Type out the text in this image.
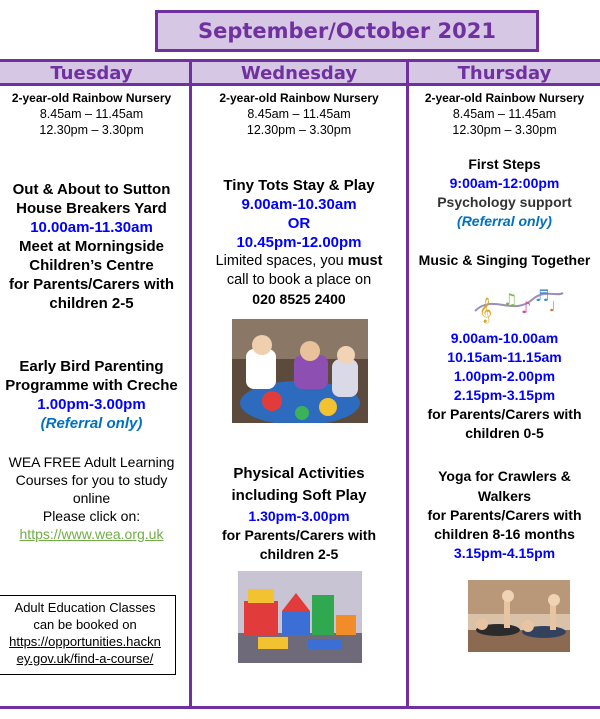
September/October 2021
Tuesday
2-year-old Rainbow Nursery
8.45am – 11.45am
12.30pm – 3.30pm
Out & About to Sutton
House Breakers Yard
10.00am-11.30am
Meet at Morningside
Children’s Centre
for Parents/Carers with
children 2-5
Early Bird Parenting
Programme with Creche
1.00pm-3.00pm
(Referral only)
WEA FREE Adult Learning
Courses for you to study
online
Please click on:
https://www.wea.org.uk
Adult Education Classes
can be booked on
https://opportunities.hackn
ey.gov.uk/find-a-course/
Wednesday
2-year-old Rainbow Nursery
8.45am – 11.45am
12.30pm – 3.30pm
Tiny Tots Stay & Play
9.00am-10.30am
OR
10.45pm-12.00pm
Limited spaces, you must
call to book a place on
020 8525 2400
Physical Activities
including Soft Play
1.30pm-3.00pm
for Parents/Carers with
children 2-5
Thursday
2-year-old Rainbow Nursery
8.45am – 11.45am
12.30pm – 3.30pm
First Steps
9:00am-12:00pm
Psychology support
(Referral only)
Music & Singing Together
𝄞 ♫ ♪
♬
♩
9.00am-10.00am
10.15am-11.15am
1.00pm-2.00pm
2.15pm-3.15pm
for Parents/Carers with
children 0-5
Yoga for Crawlers &
Walkers
for Parents/Carers with
children 8-16 months
3.15pm-4.15pm
